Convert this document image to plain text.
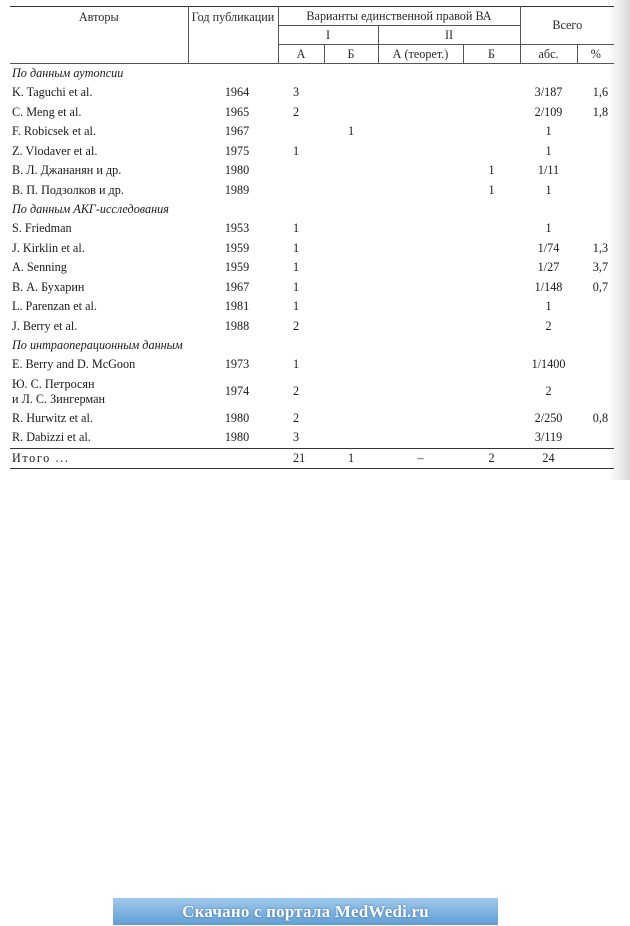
Авторы	Год публикации	Варианты единственной правой ВА				Всего	
		I		II			
		А	Б	А (теорет.)	Б	абс.	%
По данным аутопсии							
K. Taguchi et al.	1964	3				3/187	1,6
C. Meng et al.	1965	2				2/109	1,8
F. Robicsek et al.	1967		1			1	
Z. Vlodaver et al.	1975	1				1	
В. Л. Джананян и др.	1980				1	1/11	
В. П. Подзолков и др.	1989				1	1	
По данным АКГ-исследования							
S. Friedman	1953	1				1	
J. Kirklin et al.	1959	1				1/74	1,3
A. Senning	1959	1				1/27	3,7
В. А. Бухарин	1967	1				1/148	0,7
L. Parenzan et al.	1981	1				1	
J. Berry et al.	1988	2				2	
По интраоперационным данным							
E. Berry and D. McGoon	1973	1				1/1400	

Ю. С. Петросян
и Л. С. Зингерман	1974	2				2	
R. Hurwitz et al.	1980	2				2/250	0,8
R. Dabizzi et al.	1980	3				3/119	
Итого ...		21	1	–	2	24	
Скачано с портала MedWedi.ru
